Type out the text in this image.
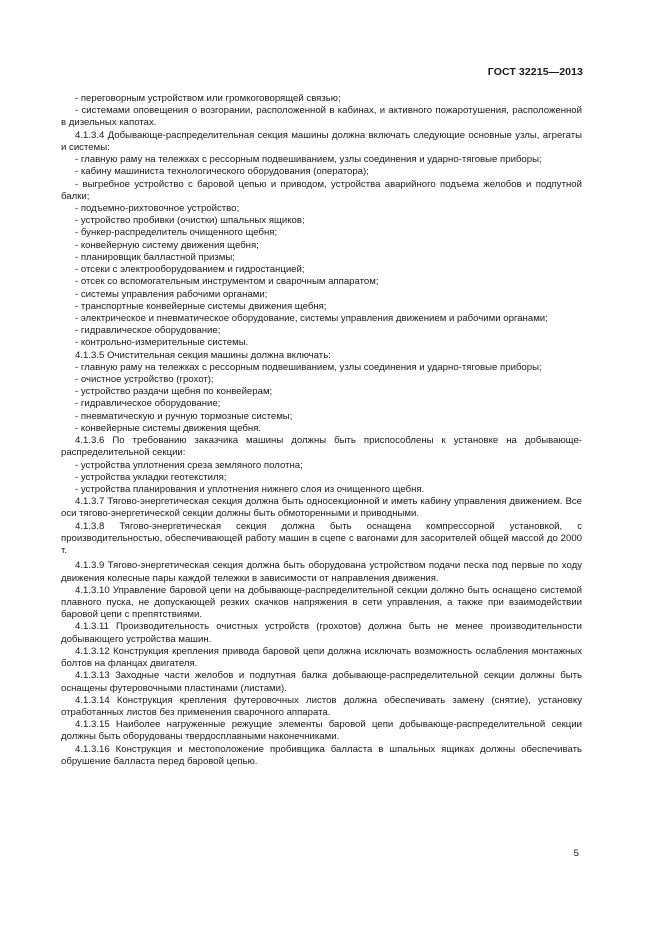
ГОСТ 32215—2013

- переговорным устройством или громкоговорящей связью;

- системами оповещения о возгорании, расположенной в кабинах, и активного пожаротушения, расположенной в дизельных капотах.

4.1.3.4 Добывающе-распределительная секция машины должна включать следующие основные узлы, агрегаты и системы:

- главную раму на тележках с рессорным подвешиванием, узлы соединения и ударно-тяговые приборы;

- кабину машиниста технологического оборудования (оператора);

- выгребное устройство с баровой цепью и приводом, устройства аварийного подъема желобов и подпутной балки;

- подъемно-рихтовочное устройство;

- устройство пробивки (очистки) шпальных ящиков;

- бункер-распределитель очищенного щебня;

- конвейерную систему движения щебня;

- планировщик балластной призмы;

- отсеки с электрооборудованием и гидростанцией;

- отсек со вспомогательным инструментом и сварочным аппаратом;

- системы управления рабочими органами;

- транспортные конвейерные системы движения щебня;

- электрическое и пневматическое оборудование, системы управления движением и рабочими органами;

- гидравлическое оборудование;

- контрольно-измерительные системы.

4.1.3.5 Очистительная секция машины должна включать:

- главную раму на тележках с рессорным подвешиванием, узлы соединения и ударно-тяговые приборы;

- очистное устройство (грохот);

- устройство раздачи щебня по конвейерам;

- гидравлическое оборудование;

- пневматическую и ручную тормозные системы;

- конвейерные системы движения щебня.

4.1.3.6 По требованию заказчика машины должны быть приспособлены к установке на добывающе-распределительной секции:

- устройства уплотнения среза земляного полотна;

- устройства укладки геотекстиля;

- устройства планирования и уплотнения нижнего слоя из очищенного щебня.

4.1.3.7 Тягово-энергетическая секция должна быть односекционной и иметь кабину управления движением. Все оси тягово-энергетической секции должны быть обмоторенными и приводными.

4.1.3.8 Тягово-энергетическая секция должна быть оснащена компрессорной установкой, с производительностью, обеспечивающей работу машин в сцепе с вагонами для засорителей общей массой до 2000 т.

4.1.3.9 Тягово-энергетическая секция должна быть оборудована устройством подачи песка под первые по ходу движения колесные пары каждой тележки в зависимости от направления движения.

4.1.3.10 Управление баровой цепи на добывающе-распределительной секции должно быть оснащено системой плавного пуска, не допускающей резких скачков напряжения в сети управления, а также при взаимодействии баровой цепи с препятствиями.

4.1.3.11 Производительность очистных устройств (грохотов) должна быть не менее производительности добывающего устройства машин.

4.1.3.12 Конструкция крепления привода баровой цепи должна исключать возможность ослабления монтажных болтов на фланцах двигателя.

4.1.3.13 Заходные части желобов и подпутная балка добывающе-распределительной секции должны быть оснащены футеровочными пластинами (листами).

4.1.3.14 Конструкция крепления футеровочных листов должна обеспечивать замену (снятие), установку отработанных листов без применения сварочного аппарата.

4.1.3.15 Наиболее нагруженные режущие элементы баровой цепи добывающе-распределительной секции должны быть оборудованы твердосплавными наконечниками.

4.1.3.16 Конструкция и местоположение пробивщика балласта в шпальных ящиках должны обеспечивать обрушение балласта перед баровой цепью.

5
